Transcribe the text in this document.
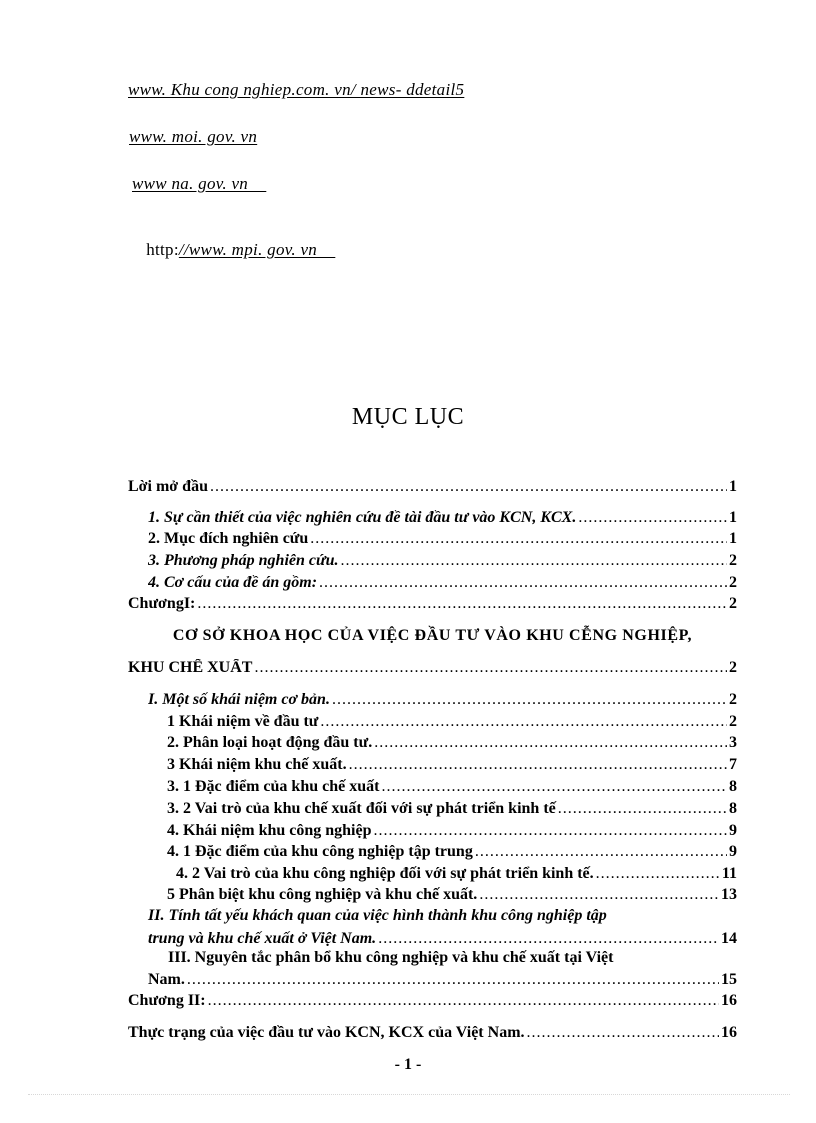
www. Khu cong nghiep.com. vn/ news- ddetail5
www. moi. gov. vn
www na. gov. vn

http://www. mpi. gov. vn

MỤC LỤC
Lời mở đầu .....	1
1. Sự cần thiết của việc nghiên cứu đề tài đầu tư vào KCN, KCX. .....	1
2. Mục đích nghiên cứu .....	1
3. Phương pháp nghiên cứu. .....	2
4. Cơ cấu của đề án gồm: .....	2
ChươngI: .....	2
CƠ SỞ KHOA HỌC CỦA VIỆC ĐẦU TƯ VÀO KHU CỄNG NGHIỆP,
KHU CHẾ XUẤT .....	2
I. Một số khái niệm cơ bản. .....	2
1 Khái niệm về đầu tư .....	2
2. Phân loại hoạt động đầu tư. .....	3
3 Khái niệm khu chế xuất. .....	7
3. 1 Đặc điểm của khu chế xuất .....	8
3. 2 Vai trò của khu chế xuất đối với sự phát triển kinh tế .....	8
4. Khái niệm khu công nghiệp .....	9
4. 1 Đặc điểm của khu công nghiệp tập trung .....	9
4. 2 Vai trò của khu công nghiệp đối với sự phát triển kinh tế. .....	11
5 Phân biệt khu công nghiệp và khu chế xuất. .....	13
II. Tính tất yếu khách quan của việc hình thành khu công nghiệp tập
trung và khu chế xuất ở Việt Nam. .....	14
III. Nguyên tắc phân bổ khu công nghiệp và khu chế xuất tại Việt
Nam. .....	15
Chương II: .....	16
Thực trạng của việc đầu tư vào KCN, KCX của Việt Nam. .....	16
- 1 -
